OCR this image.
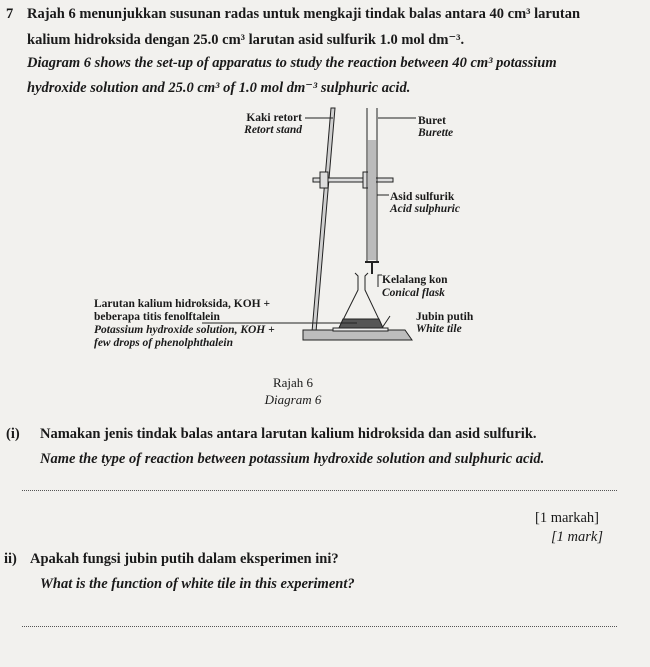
7 Rajah 6 menunjukkan susunan radas untuk mengkaji tindak balas antara 40 cm³ larutan
kalium hidroksida dengan 25.0 cm³ larutan asid sulfurik 1.0 mol dm⁻³.
Diagram 6 shows the set-up of apparatus to study the reaction between 40 cm³ potassium
hydroxide solution and 25.0 cm³ of 1.0 mol dm⁻³ sulphuric acid.
Kaki retort
Retort stand
Buret
Burette
Asid sulfurik
Acid sulphuric
Kelalang kon
Conical flask
Jubin putih
White tile
Larutan kalium hidroksida, KOH +
beberapa titis fenolftalein
Potassium hydroxide solution, KOH +
few drops of phenolphthalein
Rajah 6
Diagram 6
(i) Namakan jenis tindak balas antara larutan kalium hidroksida dan asid sulfurik.
Name the type of reaction between potassium hydroxide solution and sulphuric acid.
[1 markah]
[1 mark]
ii) Apakah fungsi jubin putih dalam eksperimen ini?
What is the function of white tile in this experiment?
